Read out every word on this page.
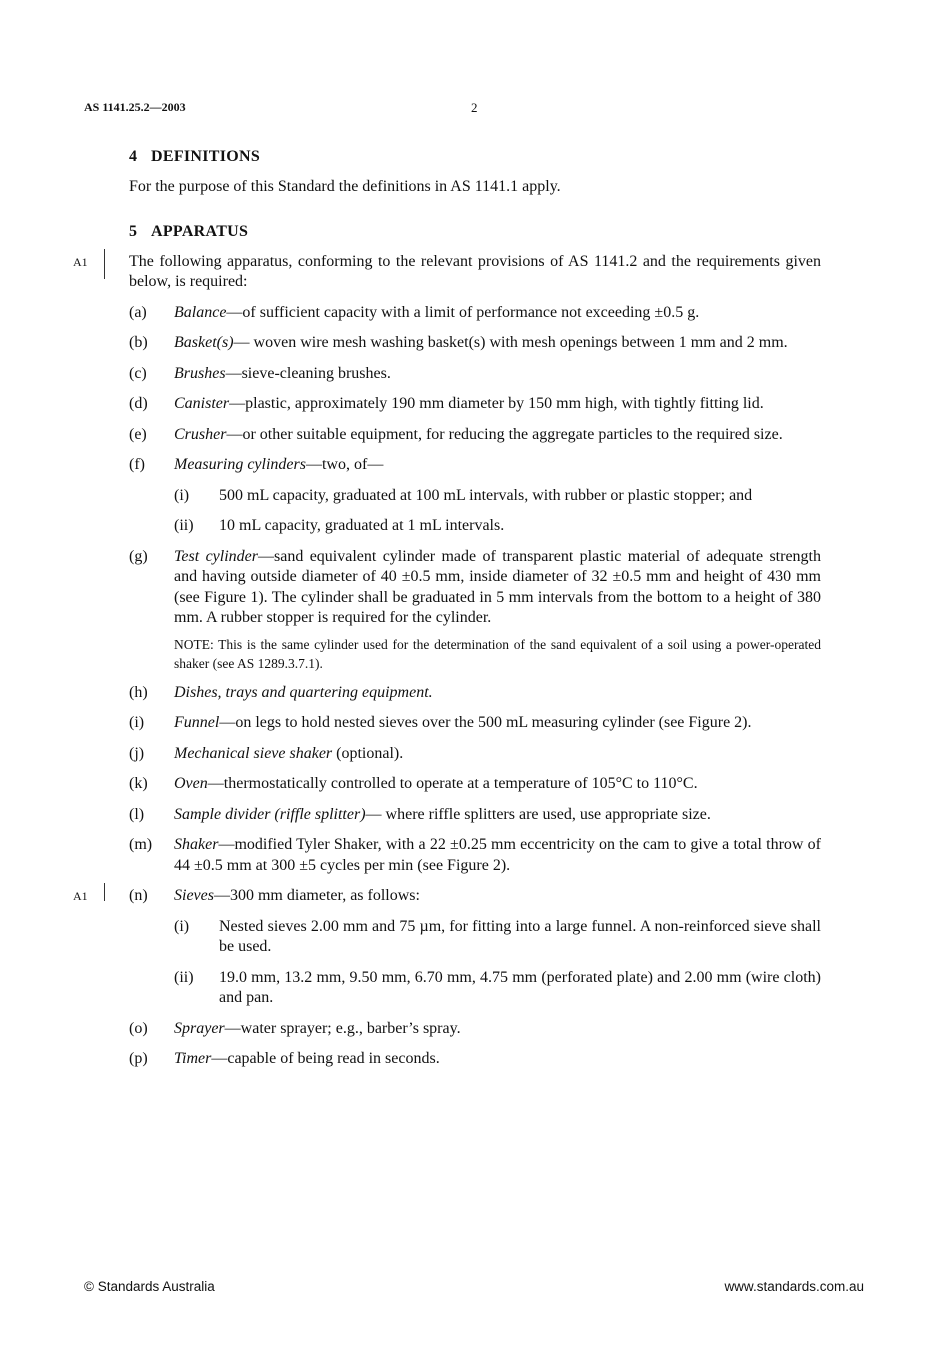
AS 1141.25.2—2003	2
4 DEFINITIONS

For the purpose of this Standard the definitions in AS 1141.1 apply.

5 APPARATUS
A1	The following apparatus, conforming to the relevant provisions of AS 1141.2 and the requirements given below, is required:

(a) Balance—of sufficient capacity with a limit of performance not exceeding ±0.5 g.
(b) Basket(s)— woven wire mesh washing basket(s) with mesh openings between 1 mm and 2 mm.
(c) Brushes—sieve-cleaning brushes.
(d) Canister—plastic, approximately 190 mm diameter by 150 mm high, with tightly fitting lid.
(e) Crusher—or other suitable equipment, for reducing the aggregate particles to the required size.
(f) Measuring cylinders—two, of—
(i) 500 mL capacity, graduated at 100 mL intervals, with rubber or plastic stopper; and
(ii) 10 mL capacity, graduated at 1 mL intervals.
(g) Test cylinder—sand equivalent cylinder made of transparent plastic material of adequate strength and having outside diameter of 40 ±0.5 mm, inside diameter of 32 ±0.5 mm and height of 430 mm (see Figure 1). The cylinder shall be graduated in 5 mm intervals from the bottom to a height of 380 mm. A rubber stopper is required for the cylinder.
NOTE: This is the same cylinder used for the determination of the sand equivalent of a soil using a power-operated shaker (see AS 1289.3.7.1).
(h) Dishes, trays and quartering equipment.
(i) Funnel—on legs to hold nested sieves over the 500 mL measuring cylinder (see Figure 2).
(j) Mechanical sieve shaker (optional).
(k) Oven—thermostatically controlled to operate at a temperature of 105°C to 110°C.
(l) Sample divider (riffle splitter)— where riffle splitters are used, use appropriate size.
(m) Shaker—modified Tyler Shaker, with a 22 ±0.25 mm eccentricity on the cam to give a total throw of 44 ±0.5 mm at 300 ±5 cycles per min (see Figure 2).
A1	(n) Sieves—300 mm diameter, as follows:
(i) Nested sieves 2.00 mm and 75 µm, for fitting into a large funnel. A non-reinforced sieve shall be used.
(ii) 19.0 mm, 13.2 mm, 9.50 mm, 6.70 mm, 4.75 mm (perforated plate) and 2.00 mm (wire cloth) and pan.
(o) Sprayer—water sprayer; e.g., barber’s spray.
(p) Timer—capable of being read in seconds.
© Standards Australia	www.standards.com.au
